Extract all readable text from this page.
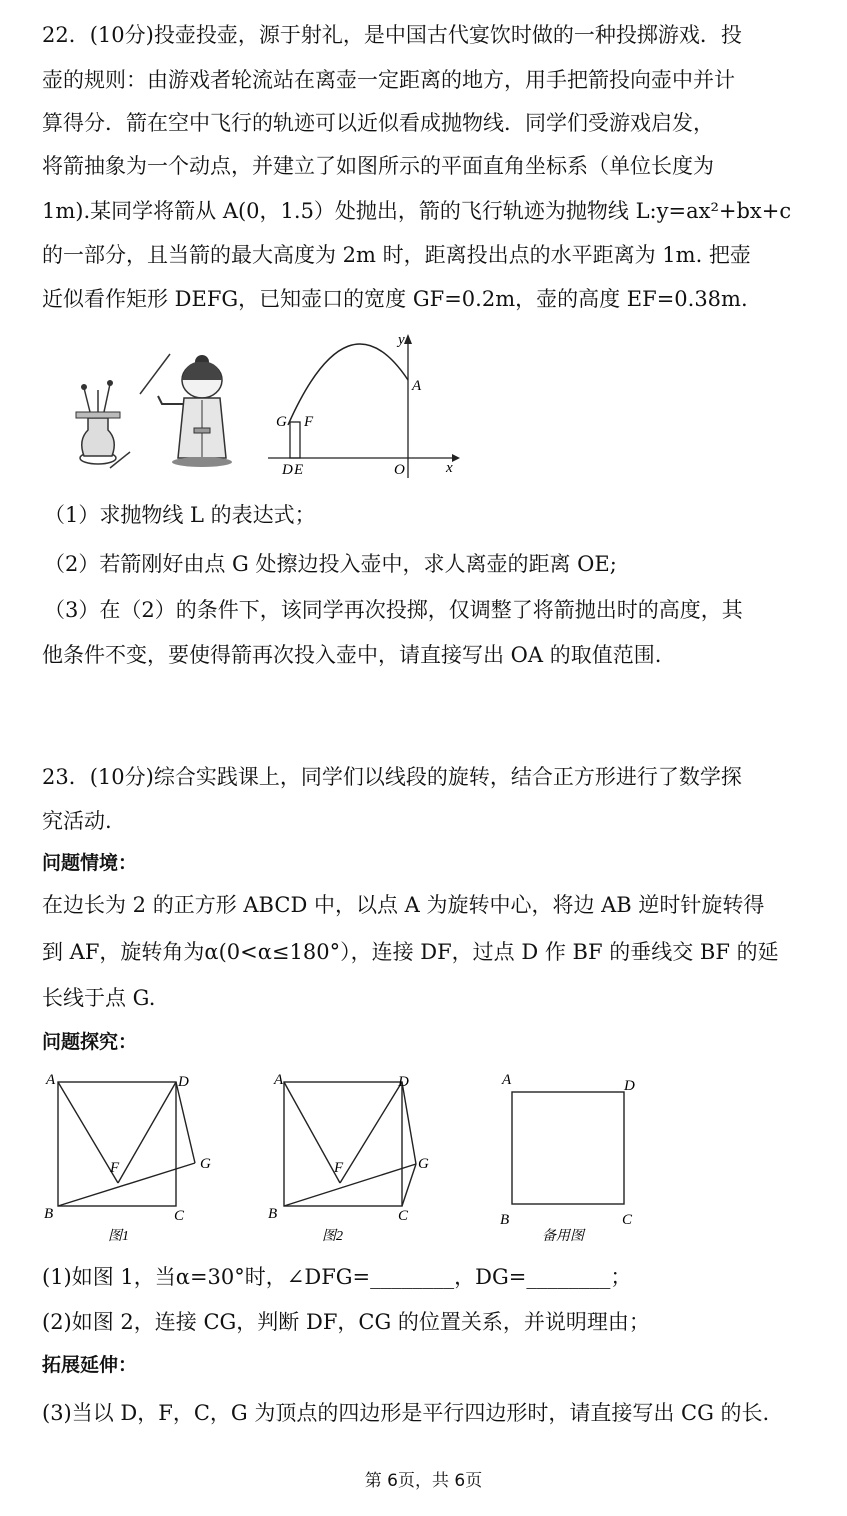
22．(10分)投壶投壶，源于射礼，是中国古代宴饮时做的一种投掷游戏．投
壶的规则：由游戏者轮流站在离壶一定距离的地方，用手把箭投向壶中并计
算得分．箭在空中飞行的轨迹可以近似看成抛物线．同学们受游戏启发，
将箭抽象为一个动点，并建立了如图所示的平面直角坐标系（单位长度为
1m).某同学将箭从 A(0，1.5）处抛出，箭的飞行轨迹为抛物线 L:y=ax²+bx+c
的一部分，且当箭的最大高度为 2m 时，距离投出点的水平距离为 1m. 把壶
近似看作矩形 DEFG，已知壶口的宽度 GF=0.2m，壶的高度 EF=0.38m.
y
x
A
G F
D E	O
（1）求抛物线 L 的表达式；
（2）若箭刚好由点 G 处擦边投入壶中，求人离壶的距离 OE;
（3）在（2）的条件下，该同学再次投掷，仅调整了将箭抛出时的高度，其
他条件不变，要使得箭再次投入壶中，请直接写出 OA 的取值范围.
23．(10分)综合实践课上，同学们以线段的旋转，结合正方形进行了数学探
究活动.
问题情境：
在边长为 2 的正方形 ABCD 中，以点 A 为旋转中心，将边 AB 逆时针旋转得
到 AF，旋转角为α(0<α≤180°），连接 DF，过点 D 作 BF 的垂线交 BF 的延
长线于点 G.
问题探究：
A	D
B	C
F	G
图1
A	D
B	C
F	G
图2
A	D
B	C
备用图
(1)如图 1，当α=30°时，∠DFG=________，DG=________；
(2)如图 2，连接 CG，判断 DF，CG 的位置关系，并说明理由；
拓展延伸：
(3)当以 D，F，C，G 为顶点的四边形是平行四边形时，请直接写出 CG 的长.
第 6页，共 6页
